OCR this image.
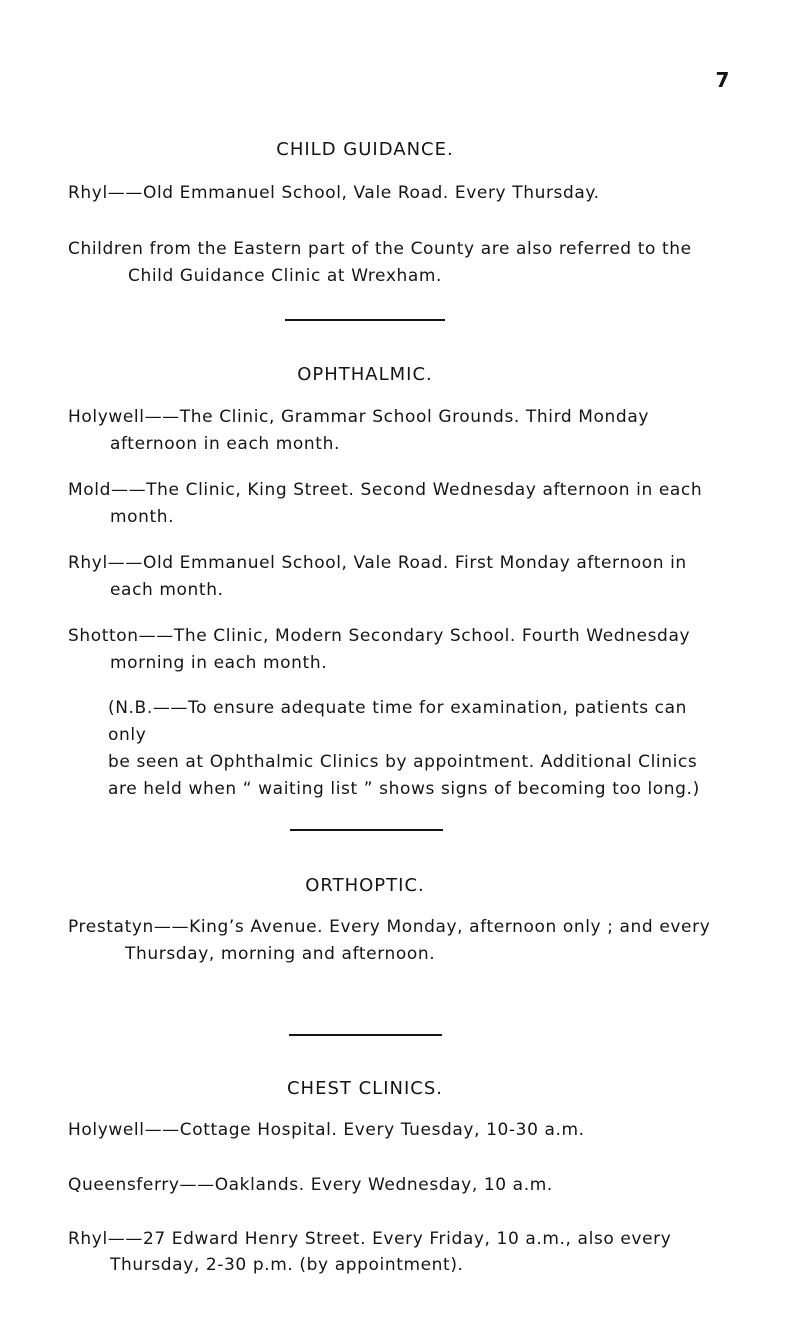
7
CHILD GUIDANCE.

Rhyl——Old Emmanuel School, Vale Road. Every Thursday.

Children from the Eastern part of the County are also referred to the
Child Guidance Clinic at Wrexham.

OPHTHALMIC.

Holywell——The Clinic, Grammar School Grounds. Third Monday
afternoon in each month.

Mold——The Clinic, King Street. Second Wednesday afternoon in each
month.

Rhyl——Old Emmanuel School, Vale Road. First Monday afternoon in
each month.

Shotton——The Clinic, Modern Secondary School. Fourth Wednesday
morning in each month.

(N.B.——To ensure adequate time for examination, patients can only
be seen at Ophthalmic Clinics by appointment. Additional Clinics
are held when “ waiting list ” shows signs of becoming too long.)

ORTHOPTIC.

Prestatyn——King’s Avenue. Every Monday, afternoon only ; and every
Thursday, morning and afternoon.

CHEST CLINICS.

Holywell——Cottage Hospital. Every Tuesday, 10-30 a.m.

Queensferry——Oaklands. Every Wednesday, 10 a.m.

Rhyl——27 Edward Henry Street. Every Friday, 10 a.m., also every
Thursday, 2-30 p.m. (by appointment).
